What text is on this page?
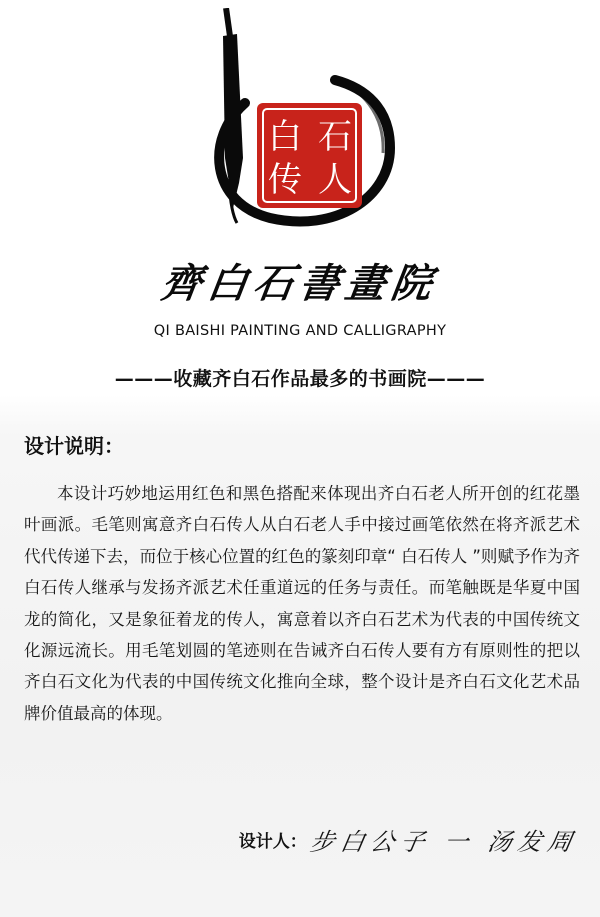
白 石
传 人
齊白石書畫院
QI BAISHI PAINTING AND CALLIGRAPHY
———收藏齐白石作品最多的书画院———
设计说明：

本设计巧妙地运用红色和黑色搭配来体现出齐白石老人所开创的红花墨叶画派。毛笔则寓意齐白石传人从白石老人手中接过画笔依然在将齐派艺术代代传递下去，而位于核心位置的红色的篆刻印章“ 白石传人 ”则赋予作为齐白石传人继承与发扬齐派艺术任重道远的任务与责任。而笔触既是华夏中国龙的简化，又是象征着龙的传人，寓意着以齐白石艺术为代表的中国传统文化源远流长。用毛笔划圆的笔迹则在告诫齐白石传人要有方有原则性的把以齐白石文化为代表的中国传统文化推向全球，整个设计是齐白石文化艺术品牌价值最高的体现。

设计人： 步白公子 一 汤发周
